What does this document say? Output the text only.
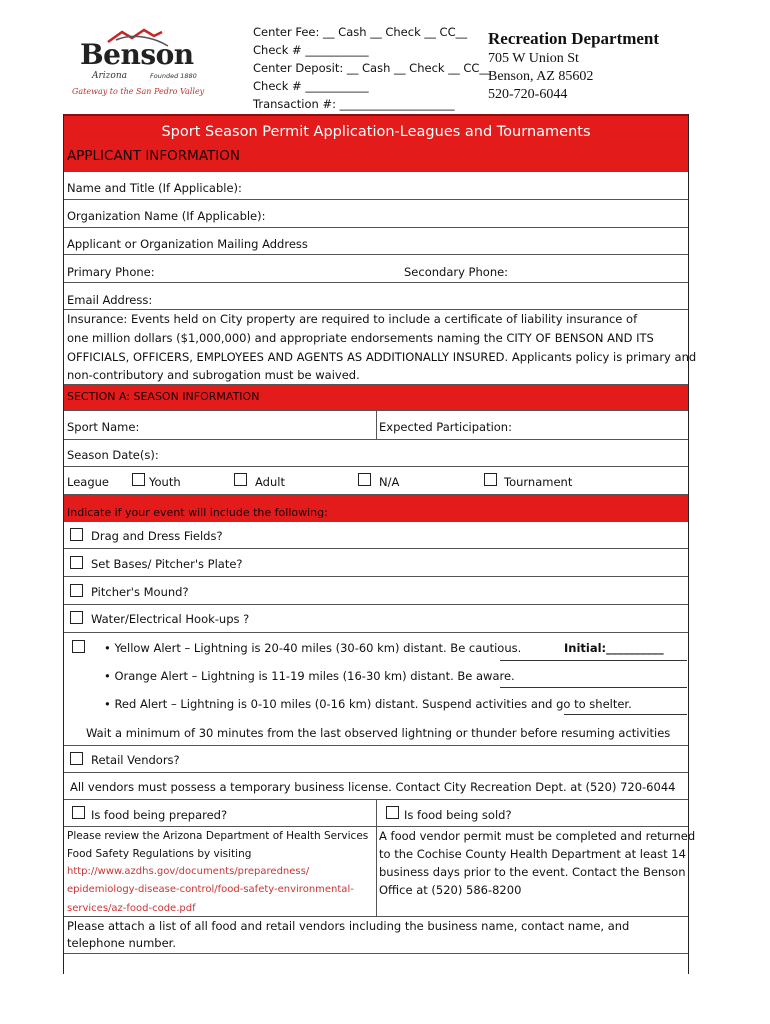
Benson
Arizona	Founded 1880
Gateway to the San Pedro Valley
Center Fee: __ Cash __ Check __ CC__
Check # ___________
Center Deposit: __ Cash __ Check __ CC__
Check # ___________
Transaction #: ____________________
Recreation Department
705 W Union St
Benson, AZ 85602
520-720-6044
Sport Season Permit Application-Leagues and Tournaments
APPLICANT INFORMATION
Name and Title (If Applicable):
Organization Name (If Applicable):
Applicant or Organization Mailing Address
Primary Phone:	Secondary Phone:
Email Address:
Insurance: Events held on City property are required to include a certificate of liability insurance of
one million dollars ($1,000,000) and appropriate endorsements naming the CITY OF BENSON AND ITS
OFFICIALS, OFFICERS, EMPLOYEES AND AGENTS AS ADDITIONALLY INSURED. Applicants policy is primary and
non-contributory and subrogation must be waived.
SECTION A: SEASON INFORMATION
Sport Name:	Expected Participation:
Season Date(s):
League	Youth	Adult	N/A	Tournament
Indicate if your event will include the following:
Drag and Dress Fields?
Set Bases/ Pitcher's Plate?
Pitcher's Mound?
Water/Electrical Hook-ups ?
• Yellow Alert – Lightning is 20-40 miles (30-60 km) distant. Be cautious.	Initial:__________
• Orange Alert – Lightning is 11-19 miles (16-30 km) distant. Be aware.
• Red Alert – Lightning is 0-10 miles (0-16 km) distant. Suspend activities and go to shelter.
Wait a minimum of 30 minutes from the last observed lightning or thunder before resuming activities
Retail Vendors?
All vendors must possess a temporary business license. Contact City Recreation Dept. at (520) 720-6044
Is food being prepared?	Is food being sold?
Please review the Arizona Department of Health Services
Food Safety Regulations by visiting
http://www.azdhs.gov/documents/preparedness/
epidemiology-disease-control/food-safety-environmental-
services/az-food-code.pdf
A food vendor permit must be completed and returned
to the Cochise County Health Department at least 14
business days prior to the event. Contact the Benson
Office at (520) 586-8200
Please attach a list of all food and retail vendors including the business name, contact name, and
telephone number.
